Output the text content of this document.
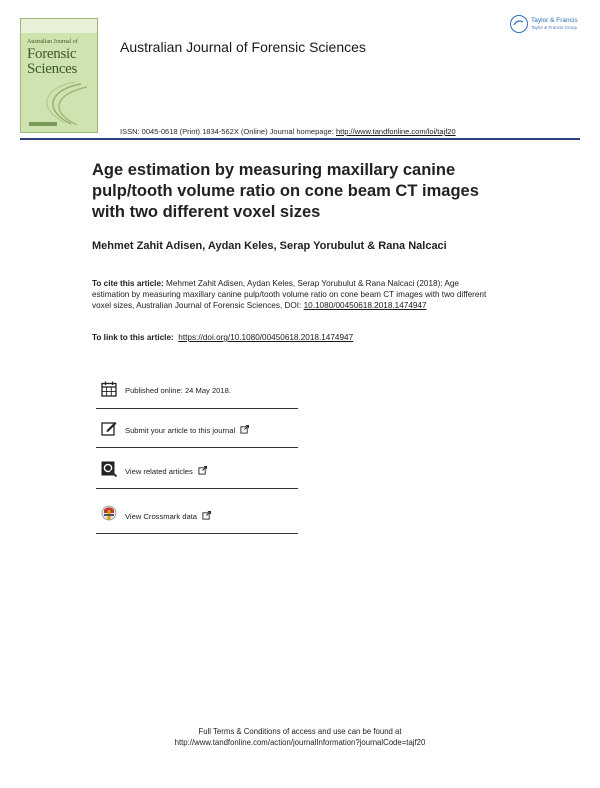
Australian Journal of
Forensic
Sciences
Australian Journal of Forensic Sciences
Taylor & Francis
Taylor & Francis Group
ISSN: 0045-0618 (Print) 1834-562X (Online) Journal homepage: http://www.tandfonline.com/loi/tajf20
Age estimation by measuring maxillary canine pulp/tooth volume ratio on cone beam CT images with two different voxel sizes
Mehmet Zahit Adisen, Aydan Keles, Serap Yorubulut & Rana Nalcaci
To cite this article: Mehmet Zahit Adisen, Aydan Keles, Serap Yorubulut & Rana Nalcaci (2018): Age estimation by measuring maxillary canine pulp/tooth volume ratio on cone beam CT images with two different voxel sizes, Australian Journal of Forensic Sciences, DOI: 10.1080/00450618.2018.1474947
To link to this article: https://doi.org/10.1080/00450618.2018.1474947
Published online: 24 May 2018.
Submit your article to this journal
View related articles
View Crossmark data
Full Terms & Conditions of access and use can be found at
http://www.tandfonline.com/action/journalInformation?journalCode=tajf20
